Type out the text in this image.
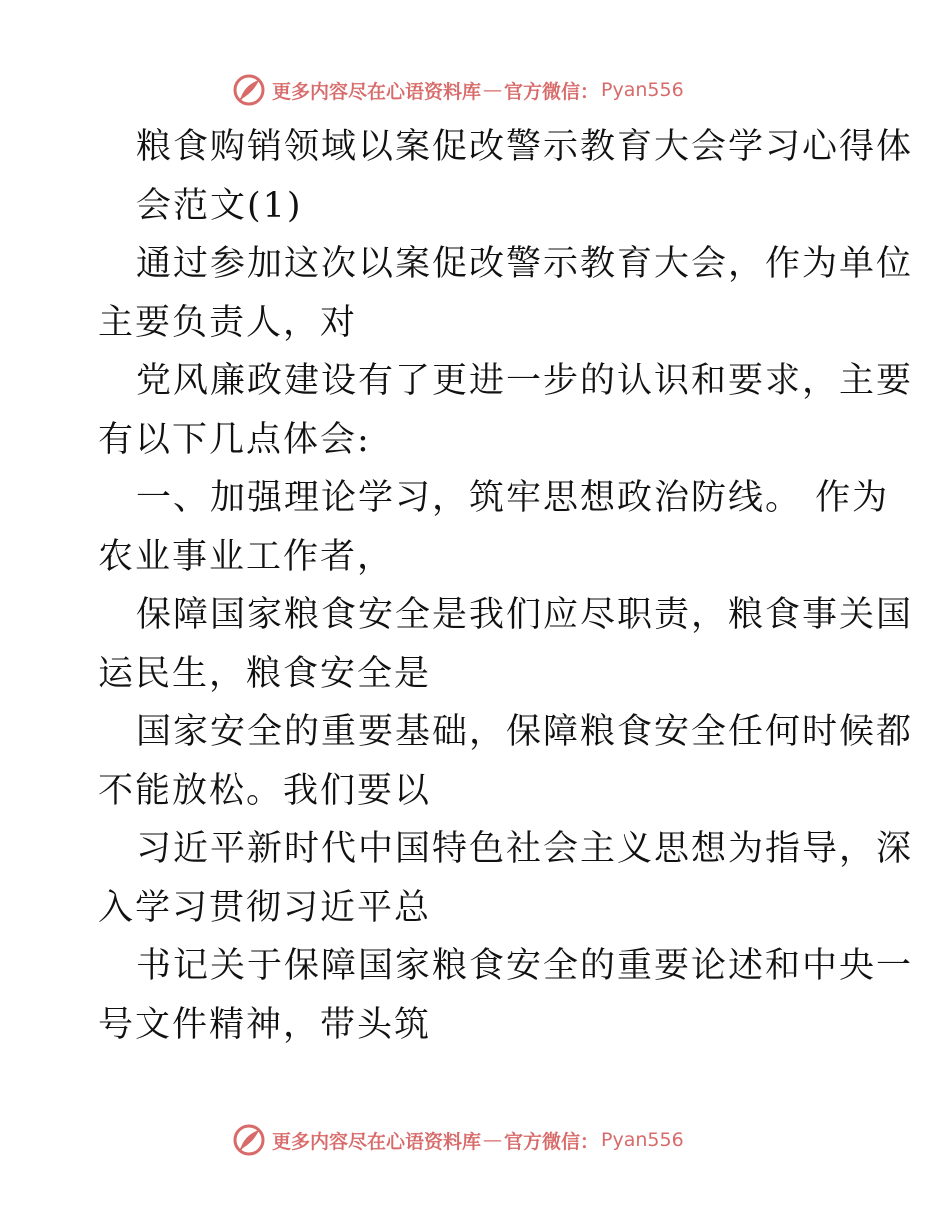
更多内容尽在心语资料库 — 官方微信： Pyan556
粮食购销领域以案促改警示教育大会学习心得体
会范文(1)
通过参加这次以案促改警示教育大会，作为单位
主要负责人，对
党风廉政建设有了更进一步的认识和要求，主要
有以下几点体会:
一、加强理论学习，筑牢思想政治防线。 作为
农业事业工作者，
保障国家粮食安全是我们应尽职责，粮食事关国
运民生，粮食安全是
国家安全的重要基础，保障粮食安全任何时候都
不能放松。我们要以
习近平新时代中国特色社会主义思想为指导，深
入学习贯彻习近平总
书记关于保障国家粮食安全的重要论述和中央一
号文件精神，带头筑
更多内容尽在心语资料库 — 官方微信： Pyan556
